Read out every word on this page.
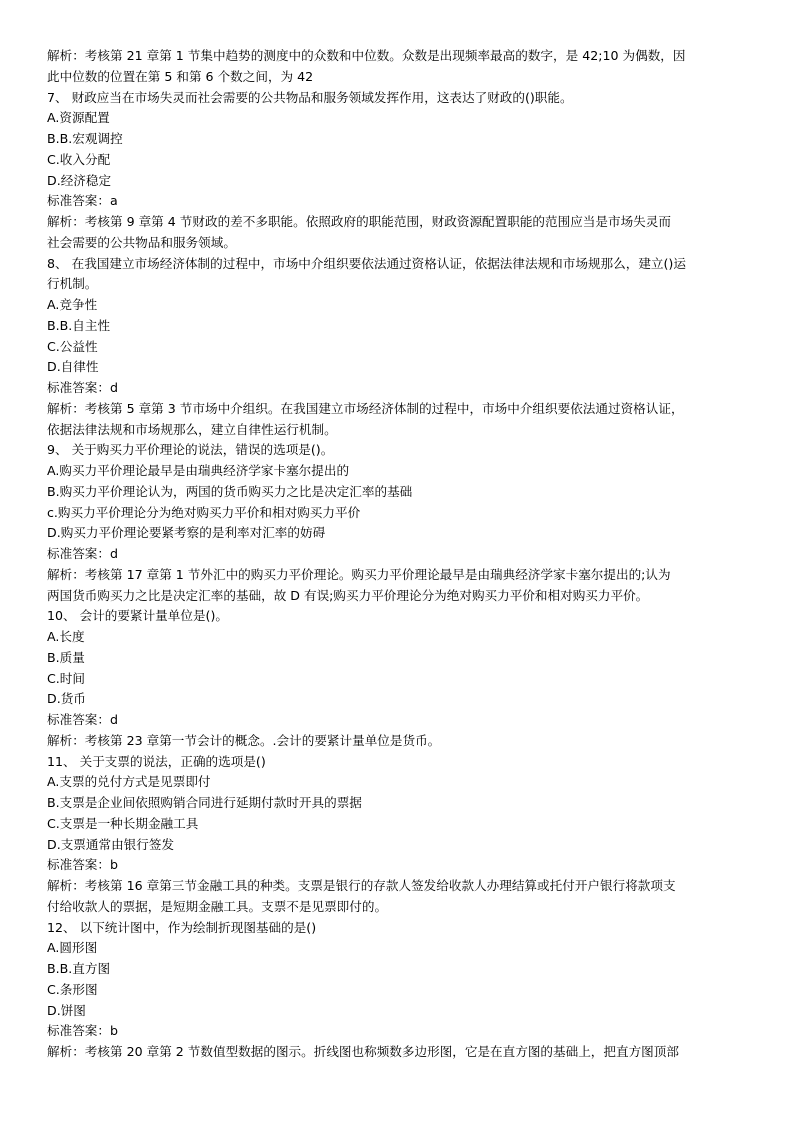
解析：考核第 21 章第 1 节集中趋势的测度中的众数和中位数。众数是出现频率最高的数字，是 42;10 为偶数，因
此中位数的位置在第 5 和第 6 个数之间，为 42
7、 财政应当在市场失灵而社会需要的公共物品和服务领域发挥作用，这表达了财政的()职能。
A.资源配置
B.B.宏观调控
C.收入分配
D.经济稳定
标准答案：a
解析：考核第 9 章第 4 节财政的差不多职能。依照政府的职能范围，财政资源配置职能的范围应当是市场失灵而
社会需要的公共物品和服务领域。
8、 在我国建立市场经济体制的过程中，市场中介组织要依法通过资格认证，依据法律法规和市场规那么，建立()运
行机制。
A.竞争性
B.B.自主性
C.公益性
D.自律性
标准答案：d
解析：考核第 5 章第 3 节市场中介组织。在我国建立市场经济体制的过程中，市场中介组织要依法通过资格认证，
依据法律法规和市场规那么，建立自律性运行机制。
9、 关于购买力平价理论的说法，错误的选项是()。
A.购买力平价理论最早是由瑞典经济学家卡塞尔提出的
B.购买力平价理论认为，两国的货币购买力之比是决定汇率的基础
c.购买力平价理论分为绝对购买力平价和相对购买力平价
D.购买力平价理论要紧考察的是利率对汇率的妨碍
标准答案：d
解析：考核第 17 章第 1 节外汇中的购买力平价理论。购买力平价理论最早是由瑞典经济学家卡塞尔提出的;认为
两国货币购买力之比是决定汇率的基础，故 D 有误;购买力平价理论分为绝对购买力平价和相对购买力平价。
10、 会计的要紧计量单位是()。
A.长度
B.质量
C.时间
D.货币
标准答案：d
解析：考核第 23 章第一节会计的概念。.会计的要紧计量单位是货币。
11、 关于支票的说法，正确的选项是()
A.支票的兑付方式是见票即付
B.支票是企业间依照购销合同进行延期付款时开具的票据
C.支票是一种长期金融工具
D.支票通常由银行签发
标准答案：b
解析：考核第 16 章第三节金融工具的种类。支票是银行的存款人签发给收款人办理结算或托付开户银行将款项支
付给收款人的票据，是短期金融工具。支票不是见票即付的。
12、 以下统计图中，作为绘制折现图基础的是()
A.圆形图
B.B.直方图
C.条形图
D.饼图
标准答案：b
解析：考核第 20 章第 2 节数值型数据的图示。折线图也称频数多边形图，它是在直方图的基础上，把直方图顶部
